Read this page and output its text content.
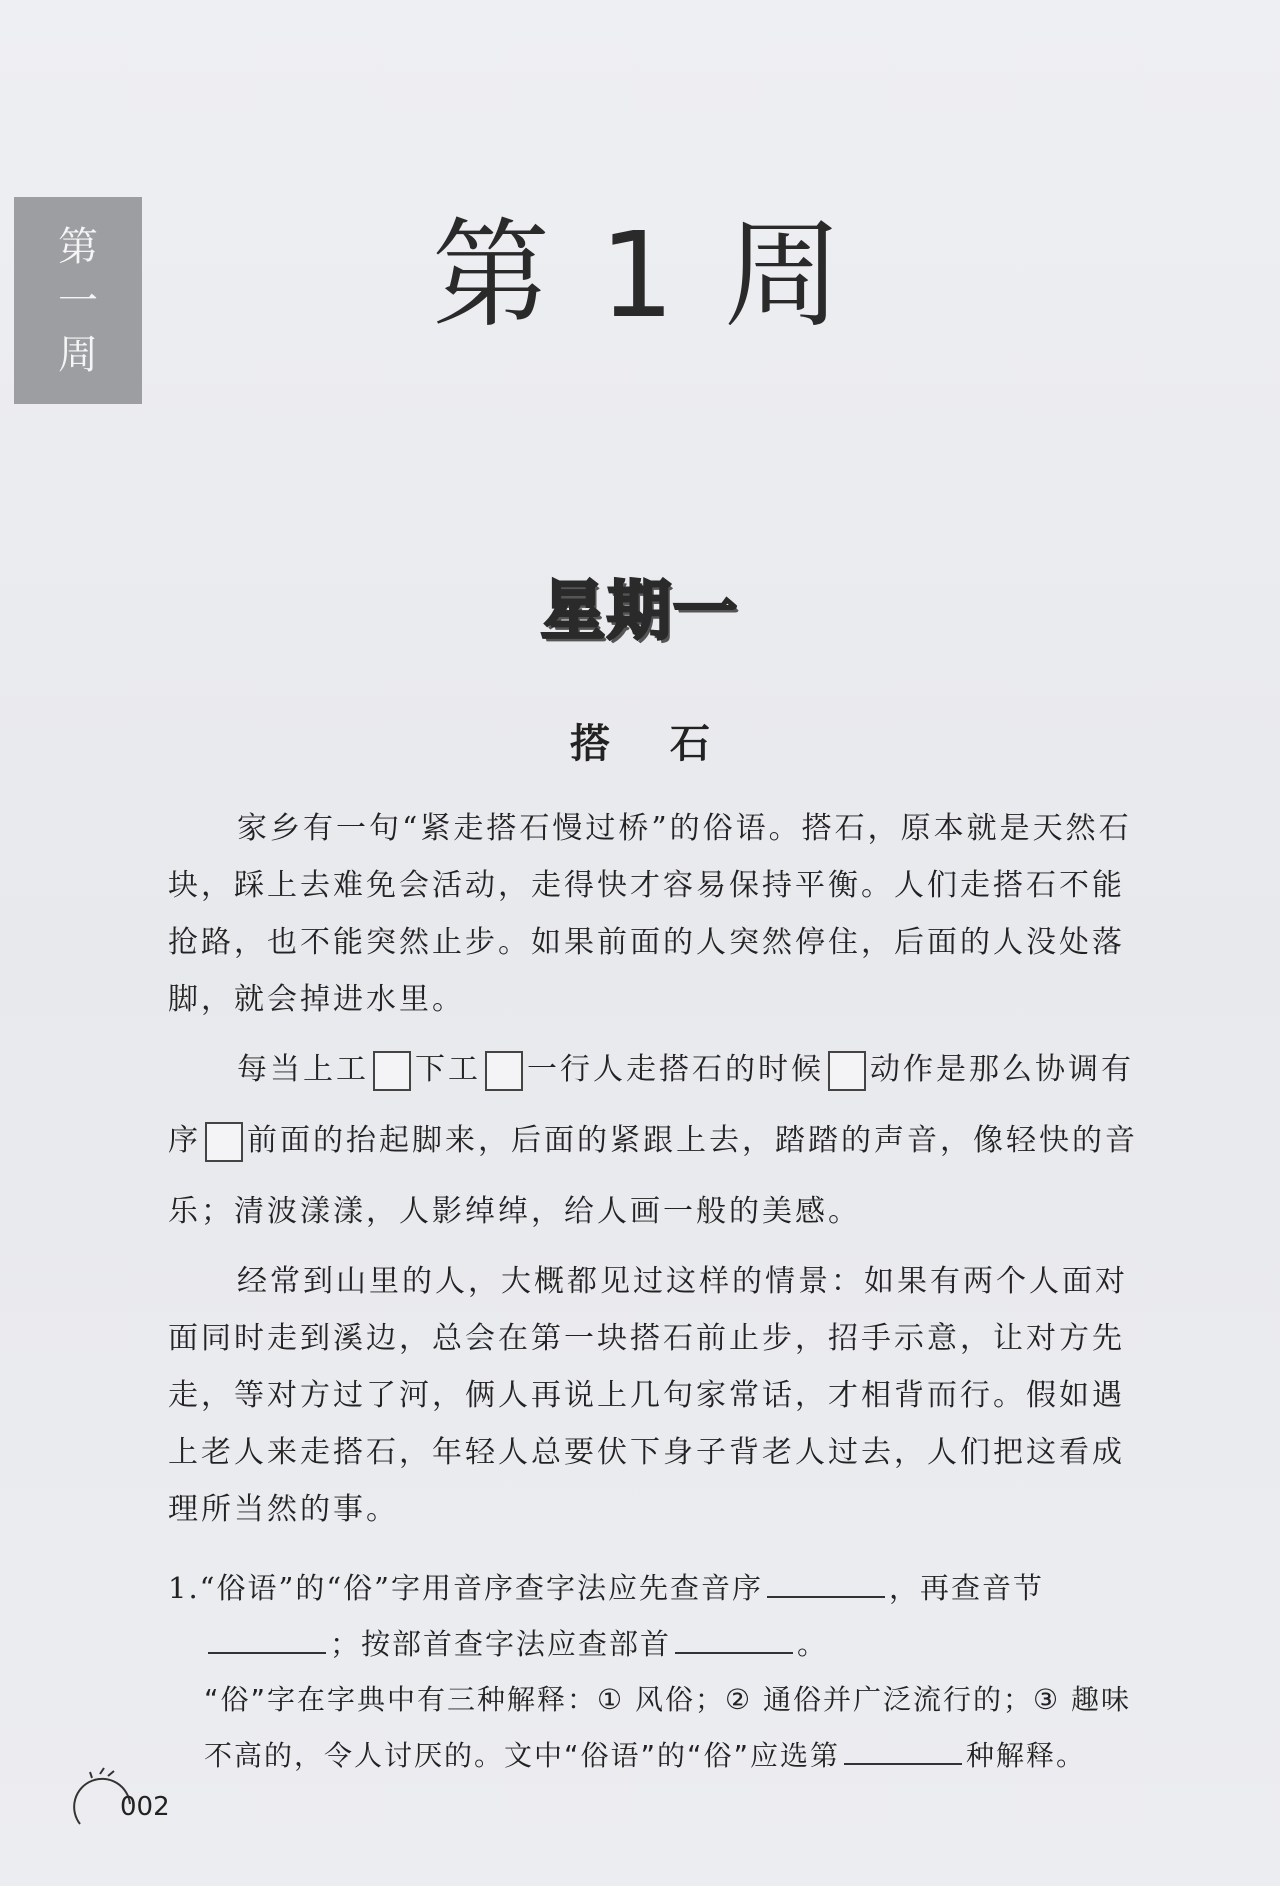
第
一
周
第 1 周
星期一
搭石

家乡有一句“紧走搭石慢过桥”的俗语。搭石，原本就是天然石块，踩上去难免会活动，走得快才容易保持平衡。人们走搭石不能抢路，也不能突然止步。如果前面的人突然停住，后面的人没处落脚，就会掉进水里。

每当上工 下工 一行人走搭石的时候 动作是那么协调有序 前面的抬起脚来，后面的紧跟上去，踏踏的声音，像轻快的音乐；清波漾漾，人影绰绰，给人画一般的美感。

经常到山里的人，大概都见过这样的情景：如果有两个人面对面同时走到溪边，总会在第一块搭石前止步，招手示意，让对方先走，等对方过了河，俩人再说上几句家常话，才相背而行。假如遇上老人来走搭石，年轻人总要伏下身子背老人过去，人们把这看成理所当然的事。

1.“俗语”的“俗”字用音序查字法应先查音序	，再查音节；按部首查字法应查部首	。
“俗”字在字典中有三种解释：① 风俗；② 通俗并广泛流行的；③ 趣味不高的，令人讨厌的。文中“俗语”的“俗”应选第	种解释。
002
